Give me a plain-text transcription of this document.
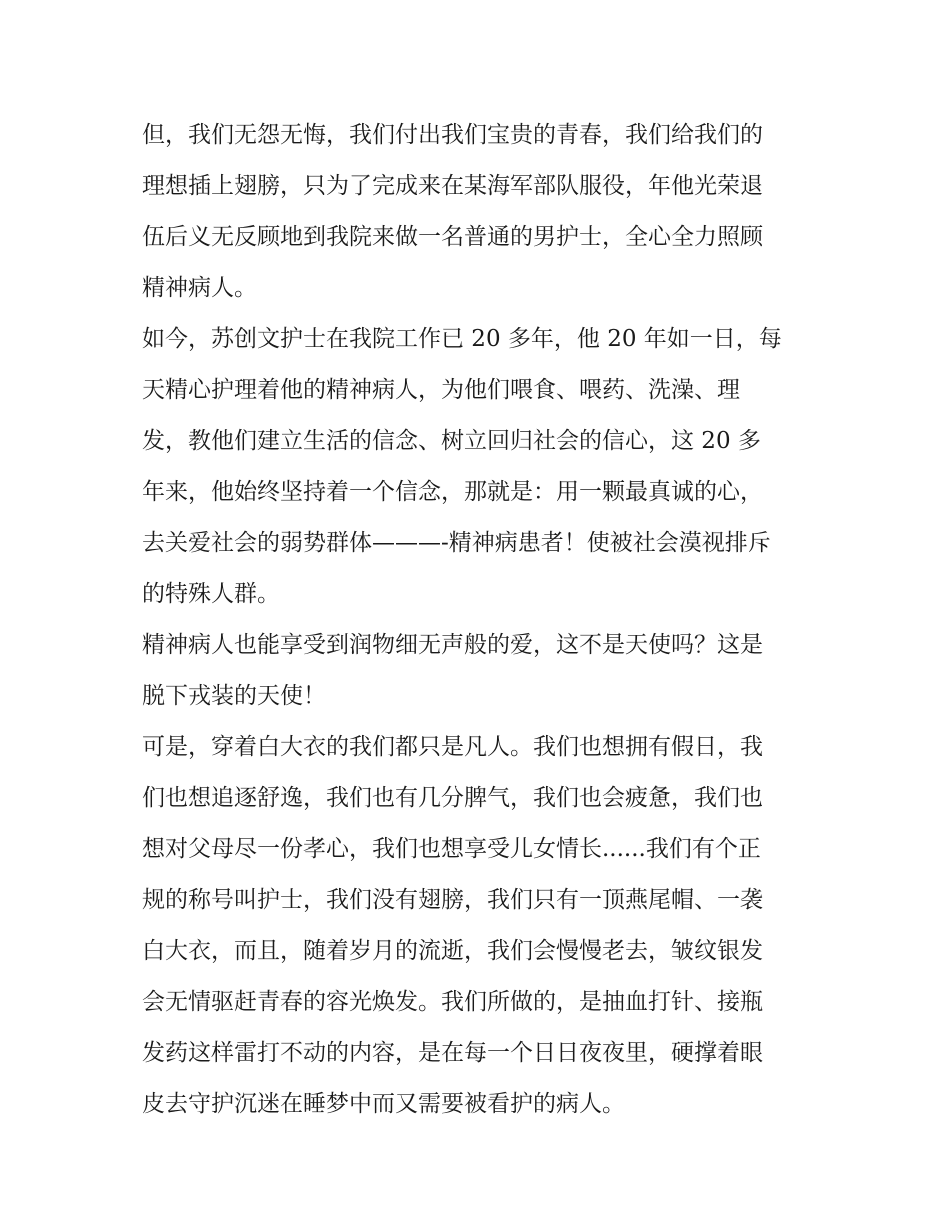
但，我们无怨无悔，我们付出我们宝贵的青春，我们给我们的
理想插上翅膀，只为了完成来在某海军部队服役，年他光荣退
伍后义无反顾地到我院来做一名普通的男护士，全心全力照顾
精神病人。
如今，苏创文护士在我院工作已 20 多年，他 20 年如一日，每
天精心护理着他的精神病人，为他们喂食、喂药、洗澡、理
发，教他们建立生活的信念、树立回归社会的信心，这 20 多
年来，他始终坚持着一个信念，那就是：用一颗最真诚的心，
去关爱社会的弱势群体———-精神病患者！使被社会漠视排斥
的特殊人群。
精神病人也能享受到润物细无声般的爱，这不是天使吗？这是
脱下戎装的天使！
可是，穿着白大衣的我们都只是凡人。我们也想拥有假日，我
们也想追逐舒逸，我们也有几分脾气，我们也会疲惫，我们也
想对父母尽一份孝心，我们也想享受儿女情长......我们有个正
规的称号叫护士，我们没有翅膀，我们只有一顶燕尾帽、一袭
白大衣，而且，随着岁月的流逝，我们会慢慢老去，皱纹银发
会无情驱赶青春的容光焕发。我们所做的，是抽血打针、接瓶
发药这样雷打不动的内容，是在每一个日日夜夜里，硬撑着眼
皮去守护沉迷在睡梦中而又需要被看护的病人。
